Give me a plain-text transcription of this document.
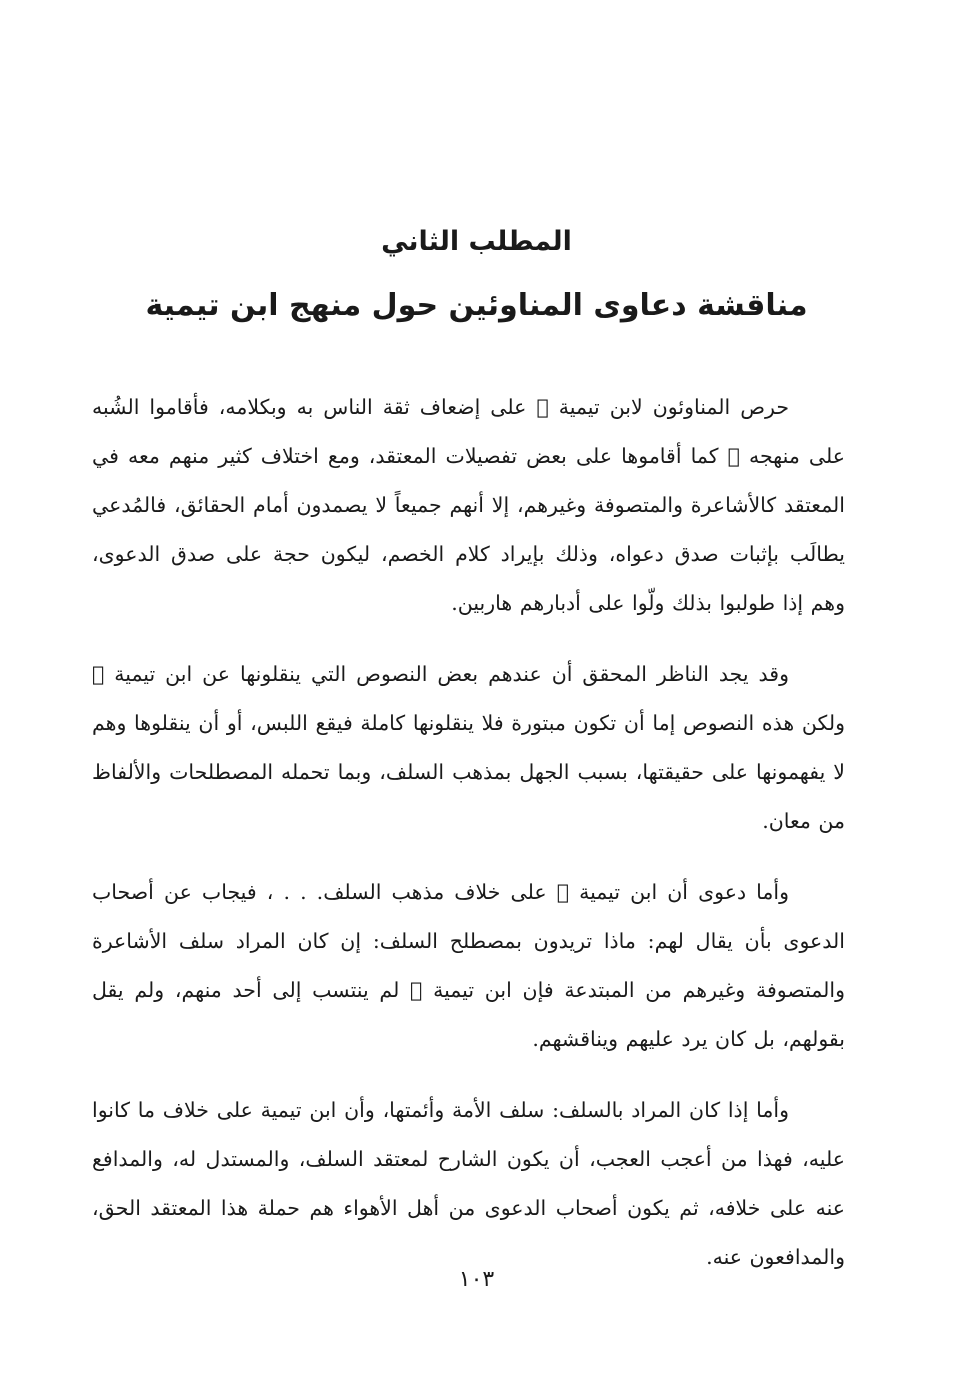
المطلب الثاني
مناقشة دعاوى المناوئين حول منهج ابن تيمية

حرص المناوئون لابن تيمية ﷫ على إضعاف ثقة الناس به وبكلامه، فأقاموا الشُبه على منهجه ﷫ كما أقاموها على بعض تفصيلات المعتقد، ومع اختلاف كثير منهم معه في المعتقد كالأشاعرة والمتصوفة وغيرهم، إلا أنهم جميعاً لا يصمدون أمام الحقائق، فالمُدعي يطالَب بإثبات صدق دعواه، وذلك بإيراد كلام الخصم، ليكون حجة على صدق الدعوى، وهم إذا طولبوا بذلك ولّوا على أدبارهم هاربين.

وقد يجد الناظر المحقق أن عندهم بعض النصوص التي ينقلونها عن ابن تيمية ﷫ ولكن هذه النصوص إما أن تكون مبتورة فلا ينقلونها كاملة فيقع اللبس، أو أن ينقلوها وهم لا يفهمونها على حقيقتها، بسبب الجهل بمذهب السلف، وبما تحمله المصطلحات والألفاظ من معان.

وأما دعوى أن ابن تيمية ﷫ على خلاف مذهب السلف. . . ، فيجاب عن أصحاب الدعوى بأن يقال لهم: ماذا تريدون بمصطلح السلف: إن كان المراد سلف الأشاعرة والمتصوفة وغيرهم من المبتدعة فإن ابن تيمية ﷫ لم ينتسب إلى أحد منهم، ولم يقل بقولهم، بل كان يرد عليهم ويناقشهم.

وأما إذا كان المراد بالسلف: سلف الأمة وأئمتها، وأن ابن تيمية على خلاف ما كانوا عليه، فهذا من أعجب العجب، أن يكون الشارح لمعتقد السلف، والمستدل له، والمدافع عنه على خلافه، ثم يكون أصحاب الدعوى من أهل الأهواء هم حملة هذا المعتقد الحق، والمدافعون عنه.

١٠٣
